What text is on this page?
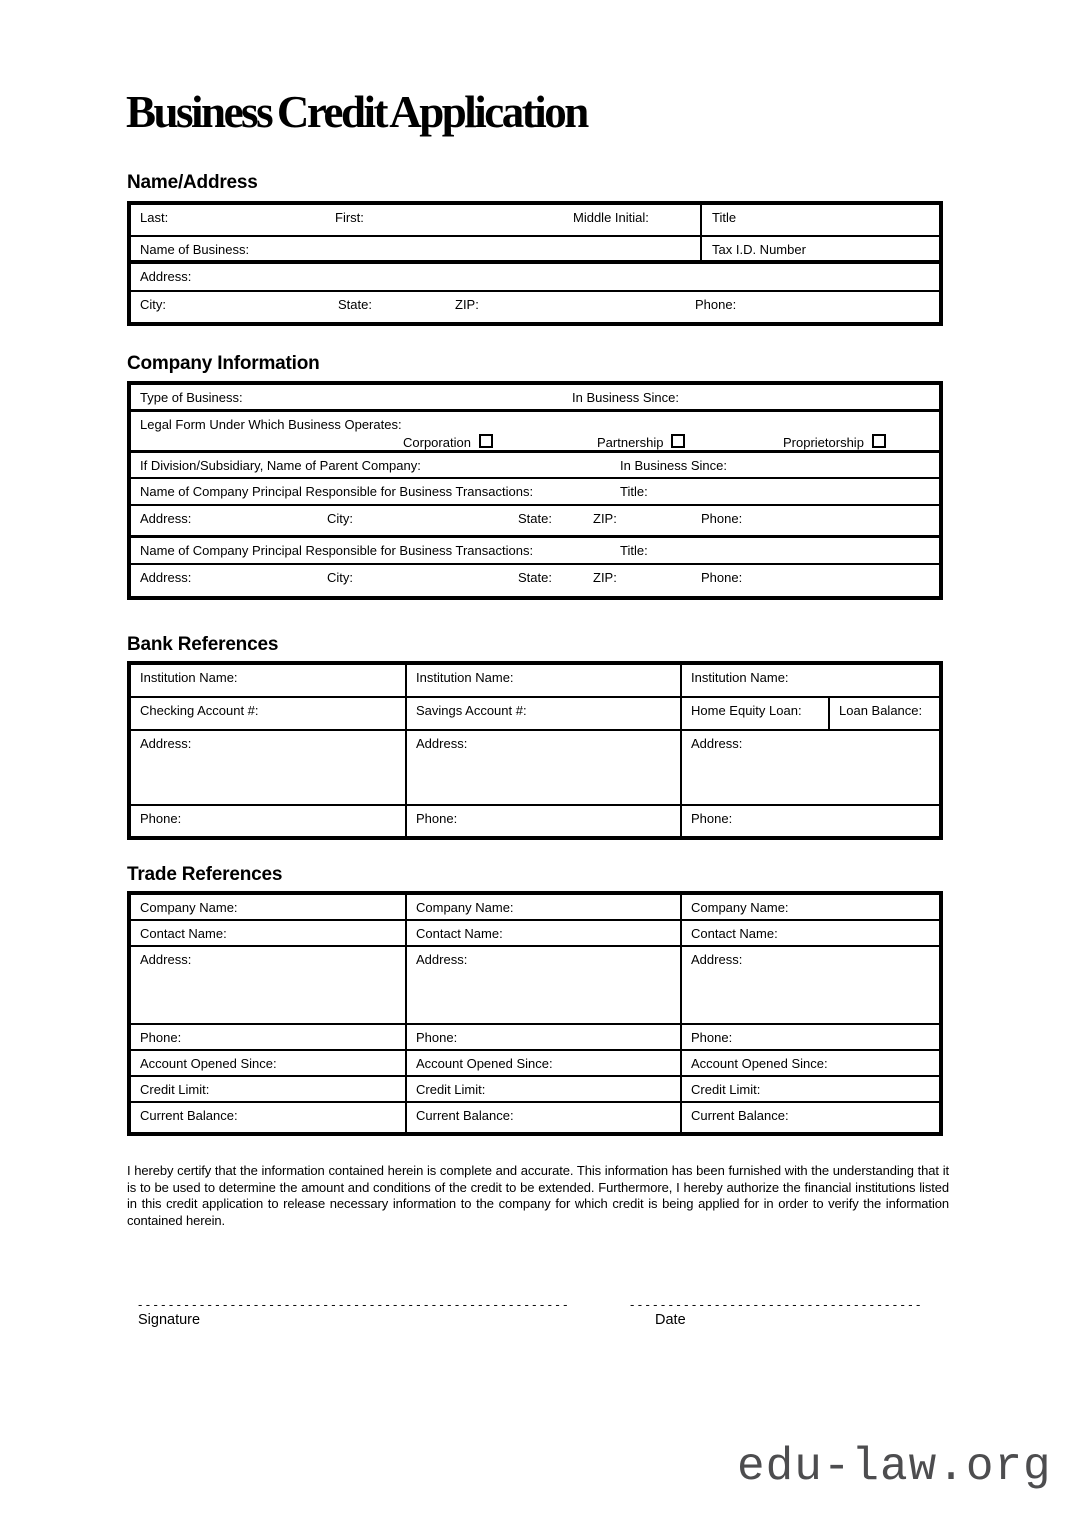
Business Credit Application
Name/Address
Last:	First:	Middle Initial:	Title
Name of Business:	Tax I.D. Number
Address:
City:	State:	ZIP:	Phone:
Company Information
Type of Business:	In Business Since:
Legal Form Under Which Business Operates:
Corporation	Partnership	Proprietorship
If Division/Subsidiary, Name of Parent Company:	In Business Since:
Name of Company Principal Responsible for Business Transactions:	Title:
Address:	City:	State:	ZIP:	Phone:
Name of Company Principal Responsible for Business Transactions:	Title:
Address:	City:	State:	ZIP:	Phone:
Bank References
Institution Name:	Institution Name:	Institution Name:
Checking Account #:	Savings Account #:	Home Equity Loan:	Loan Balance:
Address:	Address:	Address:
Phone:	Phone:	Phone:
Trade References
Company Name:	Company Name:	Company Name:
Contact Name:	Contact Name:	Contact Name:
Address:	Address:	Address:
Phone:	Phone:	Phone:
Account Opened Since:	Account Opened Since:	Account Opened Since:
Credit Limit:	Credit Limit:	Credit Limit:
Current Balance:	Current Balance:	Current Balance:
I hereby certify that the information contained herein is complete and accurate. This information has been furnished with the understanding that it is to be used to determine the amount and conditions of the credit to be extended. Furthermore, I hereby authorize the financial institutions listed in this credit application to release necessary information to the company for which credit is being applied for in order to verify the information contained herein.
--------------------------------------------------------	--------------------------------------
Signature	Date
edu-law.org
